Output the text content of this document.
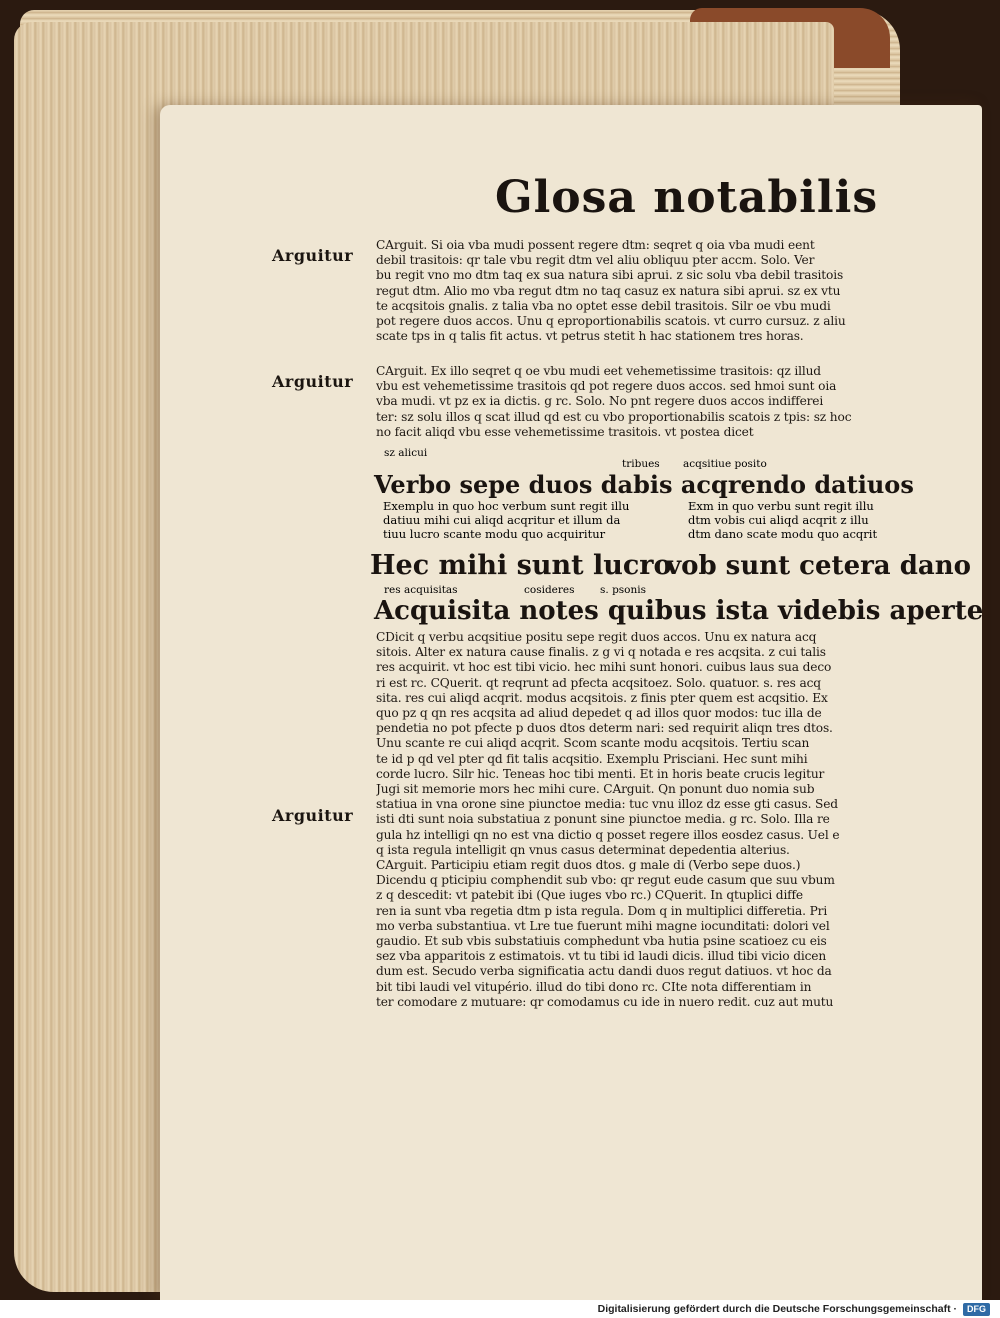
Glosa notabilis
Arguitur
Arguitur
Arguitur
CArguit. Si oia vba mudi possent regere dtm: seqret q oia vba mudi eent
debil trasitois: qr tale vbu regit dtm vel aliu obliquu pter accm. Solo. Ver
bu regit vno mo dtm taq ex sua natura sibi aprui. z sic solu vba debil trasitois
regut dtm. Alio mo vba regut dtm no taq casuz ex natura sibi aprui. sz ex vtu
te acqsitois gnalis. z talia vba no optet esse debil trasitois. Silr oe vbu mudi
pot regere duos accos. Unu q eproportionabilis scatois. vt curro cursuz. z aliu
scate tps in q talis fit actus. vt petrus stetit h hac stationem tres horas.
CArguit. Ex illo seqret q oe vbu mudi eet vehemetissime trasitois: qz illud
vbu est vehemetissime trasitois qd pot regere duos accos. sed hmoi sunt oia
vba mudi. vt pz ex ia dictis. g rc. Solo. No pnt regere duos accos indifferei
ter: sz solu illos q scat illud qd est cu vbo proportionabilis scatois z tpis: sz hoc
no facit aliqd vbu esse vehemetissime trasitois. vt postea dicet
sz alicui
tribues acqsitiue posito
Verbo sepe duos dabis acqrendo datiuos
Exemplu in quo hoc verbum sunt regit illu
datiuu mihi cui aliqd acqritur et illum da
tiuu lucro scante modu quo acquiritur
Exm in quo verbu sunt regit illu
dtm vobis cui aliqd acqrit z illu
dtm dano scate modu quo acqrit
Hec mihi sunt lucro
vob sunt cetera dano
res acquisitas	cosideres s. psonis
Acquisita notes quibus ista videbis aperte
CDicit q verbu acqsitiue positu sepe regit duos accos. Unu ex natura acq
sitois. Alter ex natura cause finalis. z g vi q notada e res acqsita. z cui talis
res acquirit. vt hoc est tibi vicio. hec mihi sunt honori. cuibus laus sua deco
ri est rc. CQuerit. qt reqrunt ad pfecta acqsitoez. Solo. quatuor. s. res acq
sita. res cui aliqd acqrit. modus acqsitois. z finis pter quem est acqsitio. Ex
quo pz q qn res acqsita ad aliud depedet q ad illos quor modos: tuc illa de
pendetia no pot pfecte p duos dtos determ nari: sed requirit aliqn tres dtos.
Unu scante re cui aliqd acqrit. Scom scante modu acqsitois. Tertiu scan
te id p qd vel pter qd fit talis acqsitio. Exemplu Prisciani. Hec sunt mihi
corde lucro. Silr hic. Teneas hoc tibi menti. Et in horis beate crucis legitur
Jugi sit memorie mors hec mihi cure. CArguit. Qn ponunt duo nomia sub
statiua in vna orone sine piunctoe media: tuc vnu illoz dz esse gti casus. Sed
isti dti sunt noia substatiua z ponunt sine piunctoe media. g rc. Solo. Illa re
gula hz intelligi qn no est vna dictio q posset regere illos eosdez casus. Uel e
q ista regula intelligit qn vnus casus determinat depedentia alterius.
CArguit. Participiu etiam regit duos dtos. g male di (Verbo sepe duos.)
Dicendu q pticipiu comphendit sub vbo: qr regut eude casum que suu vbum
z q descedit: vt patebit ibi (Que iuges vbo rc.) CQuerit. In qtuplici diffe
ren ia sunt vba regetia dtm p ista regula. Dom q in multiplici differetia. Pri
mo verba substantiua. vt Lre tue fuerunt mihi magne iocunditati: dolori vel
gaudio. Et sub vbis substatiuis comphedunt vba hutia psine scatioez cu eis
sez vba apparitois z estimatois. vt tu tibi id laudi dicis. illud tibi vicio dicen
dum est. Secudo verba significatia actu dandi duos regut datiuos. vt hoc da
bit tibi laudi vel vitupério. illud do tibi dono rc. CIte nota differentiam in
ter comodare z mutuare: qr comodamus cu ide in nuero redit. cuz aut mutu
Digitalisierung gefördert durch die Deutsche Forschungsgemeinschaft · DFG
